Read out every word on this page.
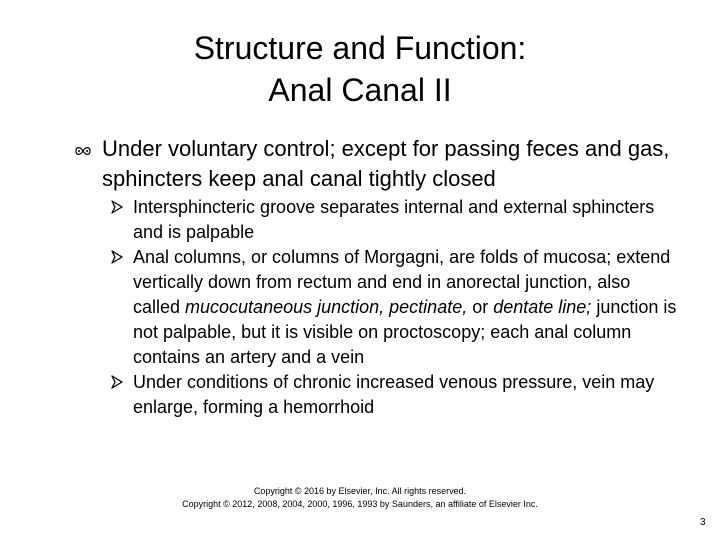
Structure and Function:
Anal Canal II
Under voluntary control; except for passing feces and gas, sphincters keep anal canal tightly closed
Intersphincteric groove separates internal and external sphincters and is palpable
Anal columns, or columns of Morgagni, are folds of mucosa; extend vertically down from rectum and end in anorectal junction, also called mucocutaneous junction, pectinate, or dentate line; junction is not palpable, but it is visible on proctoscopy; each anal column contains an artery and a vein
Under conditions of chronic increased venous pressure, vein may enlarge, forming a hemorrhoid
Copyright © 2016 by Elsevier, Inc. All rights reserved.
Copyright © 2012, 2008, 2004, 2000, 1996, 1993 by Saunders, an affiliate of Elsevier Inc.
3
